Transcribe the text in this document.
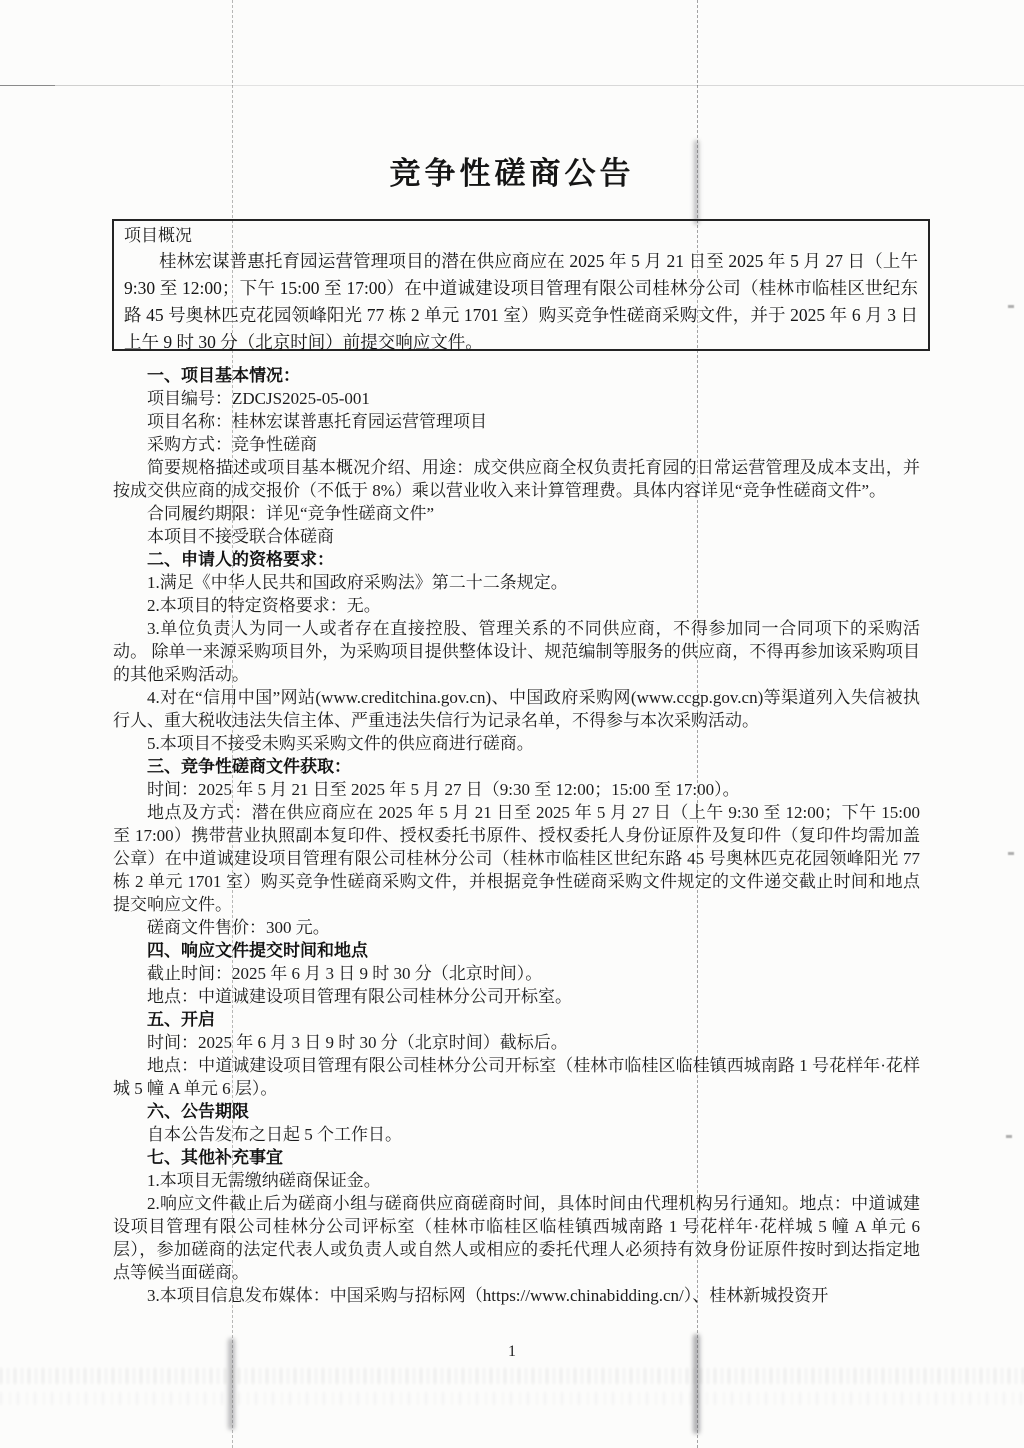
竞争性磋商公告

项目概况

桂林宏谋普惠托育园运营管理项目的潜在供应商应在 2025 年 5 月 21 日至 2025 年 5 月 27 日（上午 9:30 至 12:00；下午 15:00 至 17:00）在中道诚建设项目管理有限公司桂林分公司（桂林市临桂区世纪东路 45 号奥林匹克花园领峰阳光 77 栋 2 单元 1701 室）购买竞争性磋商采购文件，并于 2025 年 6 月 3 日上午 9 时 30 分（北京时间）前提交响应文件。

一、项目基本情况：

项目编号：ZDCJS2025-05-001

项目名称：桂林宏谋普惠托育园运营管理项目

采购方式：竞争性磋商

简要规格描述或项目基本概况介绍、用途：成交供应商全权负责托育园的日常运营管理及成本支出，并按成交供应商的成交报价（不低于 8%）乘以营业收入来计算管理费。具体内容详见“竞争性磋商文件”。

合同履约期限：详见“竞争性磋商文件”

本项目不接受联合体磋商

二、申请人的资格要求：

1.满足《中华人民共和国政府采购法》第二十二条规定。

2.本项目的特定资格要求：无。

3.单位负责人为同一人或者存在直接控股、管理关系的不同供应商，不得参加同一合同项下的采购活动。 除单一来源采购项目外，为采购项目提供整体设计、规范编制等服务的供应商，不得再参加该采购项目的其他采购活动。

4.对在“信用中国”网站(www.creditchina.gov.cn)、中国政府采购网(www.ccgp.gov.cn)等渠道列入失信被执行人、重大税收违法失信主体、严重违法失信行为记录名单，不得参与本次采购活动。

5.本项目不接受未购买采购文件的供应商进行磋商。

三、竞争性磋商文件获取：

时间：2025 年 5 月 21 日至 2025 年 5 月 27 日（9:30 至 12:00；15:00 至 17:00）。

地点及方式：潜在供应商应在 2025 年 5 月 21 日至 2025 年 5 月 27 日（上午 9:30 至 12:00；下午 15:00 至 17:00）携带营业执照副本复印件、授权委托书原件、授权委托人身份证原件及复印件（复印件均需加盖公章）在中道诚建设项目管理有限公司桂林分公司（桂林市临桂区世纪东路 45 号奥林匹克花园领峰阳光 77 栋 2 单元 1701 室）购买竞争性磋商采购文件，并根据竞争性磋商采购文件规定的文件递交截止时间和地点提交响应文件。

磋商文件售价：300 元。

四、响应文件提交时间和地点

截止时间：2025 年 6 月 3 日 9 时 30 分（北京时间）。

地点：中道诚建设项目管理有限公司桂林分公司开标室。

五、开启

时间：2025 年 6 月 3 日 9 时 30 分（北京时间）截标后。

地点：中道诚建设项目管理有限公司桂林分公司开标室（桂林市临桂区临桂镇西城南路 1 号花样年·花样城 5 幢 A 单元 6 层）。

六、公告期限

自本公告发布之日起 5 个工作日。

七、其他补充事宜

1.本项目无需缴纳磋商保证金。

2.响应文件截止后为磋商小组与磋商供应商磋商时间，具体时间由代理机构另行通知。地点：中道诚建设项目管理有限公司桂林分公司评标室（桂林市临桂区临桂镇西城南路 1 号花样年·花样城 5 幢 A 单元 6 层），参加磋商的法定代表人或负责人或自然人或相应的委托代理人必须持有效身份证原件按时到达指定地点等候当面磋商。

3.本项目信息发布媒体：中国采购与招标网（https://www.chinabidding.cn/）、桂林新城投资开

1
